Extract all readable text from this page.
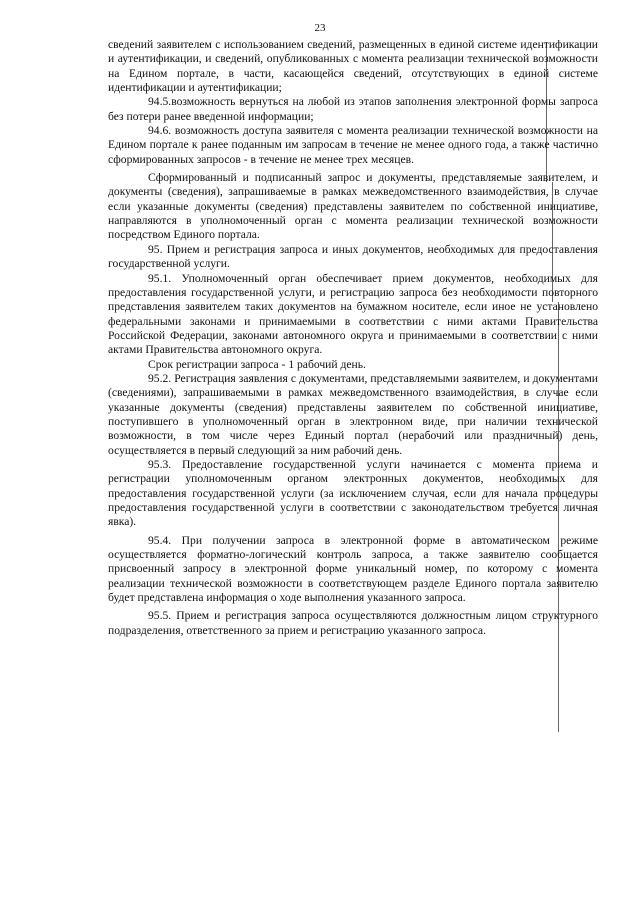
23

сведений заявителем с использованием сведений, размещенных в единой системе идентификации и аутентификации, и сведений, опубликованных с момента реализации технической возможности на Едином портале, в части, касающейся сведений, отсутствующих в единой системе идентификации и аутентификации;

94.5.возможность вернуться на любой из этапов заполнения электронной формы запроса без потери ранее введенной информации;

94.6. возможность доступа заявителя с момента реализации технической возможности на Едином портале к ранее поданным им запросам в течение не менее одного года, а также частично сформированных запросов - в течение не менее трех месяцев.

Сформированный и подписанный запрос и документы, представляемые заявителем, и документы (сведения), запрашиваемые в рамках межведомственного взаимодействия, в случае если указанные документы (сведения) представлены заявителем по собственной инициативе, направляются в уполномоченный орган с момента реализации технической возможности посредством Единого портала.

95. Прием и регистрация запроса и иных документов, необходимых для предоставления государственной услуги.

95.1. Уполномоченный орган обеспечивает прием документов, необходимых для предоставления государственной услуги, и регистрацию запроса без необходимости повторного представления заявителем таких документов на бумажном носителе, если иное не установлено федеральными законами и принимаемыми в соответствии с ними актами Правительства Российской Федерации, законами автономного округа и принимаемыми в соответствии с ними актами Правительства автономного округа.

Срок регистрации запроса - 1 рабочий день.

95.2. Регистрация заявления с документами, представляемыми заявителем, и документами (сведениями), запрашиваемыми в рамках межведомственного взаимодействия, в случае если указанные документы (сведения) представлены заявителем по собственной инициативе, поступившего в уполномоченный орган в электронном виде, при наличии технической возможности, в том числе через Единый портал (нерабочий или праздничный) день, осуществляется в первый следующий за ним рабочий день.

95.3. Предоставление государственной услуги начинается с момента приема и регистрации уполномоченным органом электронных документов, необходимых для предоставления государственной услуги (за исключением случая, если для начала процедуры предоставления государственной услуги в соответствии с законодательством требуется личная явка).

95.4. При получении запроса в электронной форме в автоматическом режиме осуществляется форматно-логический контроль запроса, а также заявителю сообщается присвоенный запросу в электронной форме уникальный номер, по которому с момента реализации технической возможности в соответствующем разделе Единого портала заявителю будет представлена информация о ходе выполнения указанного запроса.

95.5. Прием и регистрация запроса осуществляются должностным лицом структурного подразделения, ответственного за прием и регистрацию указанного запроса.
